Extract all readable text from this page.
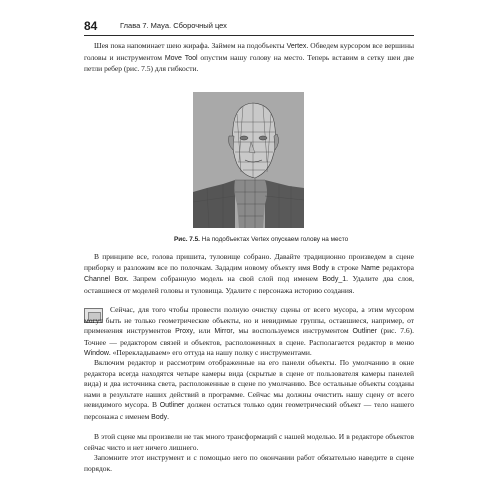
84	Глава 7. Maya. Сборочный цех

Шея пока напоминает шею жирафа. Займем на подобъекты Vertex. Обведем курсором все вершины головы и инструментом Move Tool опустим нашу голову на место. Теперь вставим в сетку шеи две петли ребер (рис. 7.5) для гибкости.

Рис. 7.5. На подобъектах Vertex опускаем голову на место

В принципе все, голова пришита, туловище собрано. Давайте традиционно произведем в сцене приборку и разложим все по полочкам. Зададим новому объекту имя Body в строке Name редактора Channel Box. Запрем собранную модель на свой слой под именем Body_1. Удалите два слоя, оставшиеся от моделей головы и туловища. Удалите с персонажа историю создания.

Сейчас, для того чтобы провести полную очистку сцены от всего мусора, а этим мусором могут быть не только геометрические объекты, но и невидимые группы, оставшиеся, например, от применения инструментов Proxy, или Mirror, мы воспользуемся инструментом Outliner (рис. 7.6). Точнее — редактором связей и объектов, расположенных в сцене. Располагается редактор в меню Window. «Перекладываем» его оттуда на нашу полку с инструментами.

Включим редактор и рассмотрим отображенные на его панели объекты. По умолчанию в окне редактора всегда находятся четыре камеры вида (скрытые в сцене от пользователя камеры панелей вида) и два источника света, расположенные в сцене по умолчанию. Все остальные объекты созданы нами в результате наших действий в программе. Сейчас мы должны очистить нашу сцену от всего невидимого мусора. В Outliner должен остаться только один геометрический объект — тело нашего персонажа с именем Body.

В этой сцене мы произвели не так много трансформаций с нашей моделью. И в редакторе объектов сейчас чисто и нет ничего лишнего.

Запомните этот инструмент и с помощью него по окончании работ обязательно наведите в сцене порядок.
